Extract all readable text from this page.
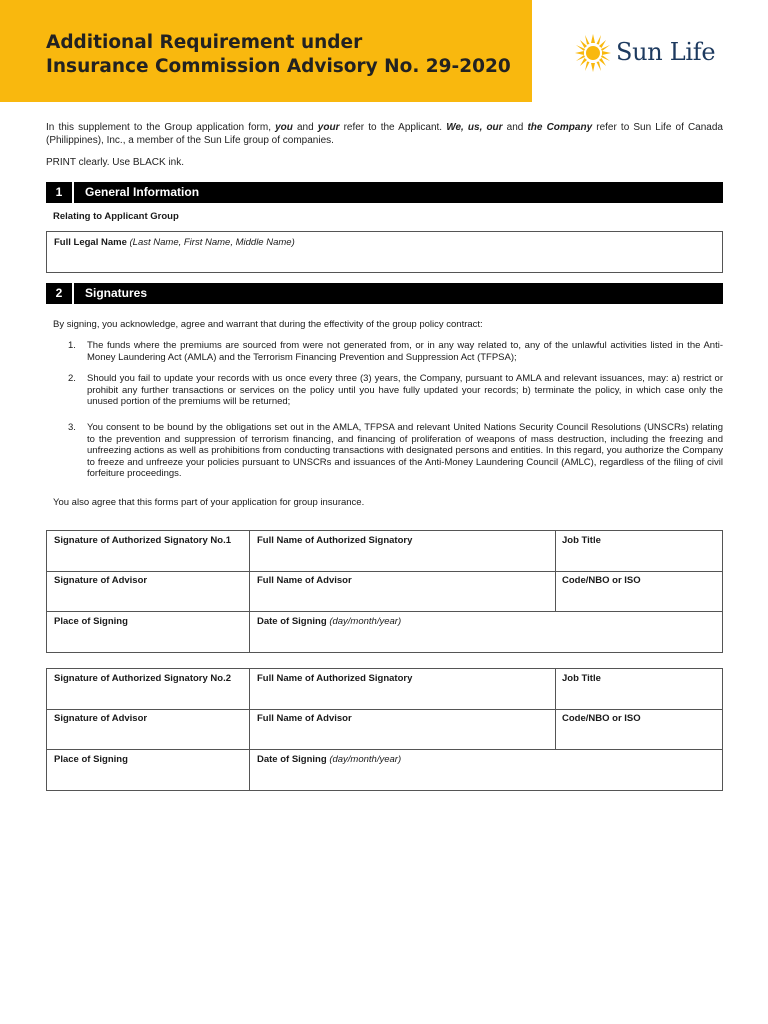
Additional Requirement under
Insurance Commission Advisory No. 29-2020
Sun Life

In this supplement to the Group application form, you and your refer to the Applicant. We, us, our and the Company refer to Sun Life of Canada (Philippines), Inc., a member of the Sun Life group of companies.

PRINT clearly. Use BLACK ink.
1	General Information
Relating to Applicant Group
Full Legal Name (Last Name, First Name, Middle Name)
2	Signatures
By signing, you acknowledge, agree and warrant that during the effectivity of the group policy contract:
1.	The funds where the premiums are sourced from were not generated from, or in any way related to, any of the unlawful activities listed in the Anti-Money Laundering Act (AMLA) and the Terrorism Financing Prevention and Suppression Act (TFPSA);
2.	Should you fail to update your records with us once every three (3) years, the Company, pursuant to AMLA and relevant issuances, may: a) restrict or prohibit any further transactions or services on the policy until you have fully updated your records; b) terminate the policy, in which case only the unused portion of the premiums will be returned;
3.	You consent to be bound by the obligations set out in the AMLA, TFPSA and relevant United Nations Security Council Resolutions (UNSCRs) relating to the prevention and suppression of terrorism financing, and financing of proliferation of weapons of mass destruction, including the freezing and unfreezing actions as well as prohibitions from conducting transactions with designated persons and entities. In this regard, you authorize the Company to freeze and unfreeze your policies pursuant to UNSCRs and issuances of the Anti-Money Laundering Council (AMLC), regardless of the filing of civil forfeiture proceedings.
You also agree that this forms part of your application for group insurance.
Signature of Authorized Signatory No.1	Full Name of Authorized Signatory	Job Title
Signature of Advisor	Full Name of Advisor	Code/NBO or ISO
Place of Signing	Date of Signing (day/month/year)
Signature of Authorized Signatory No.2	Full Name of Authorized Signatory	Job Title
Signature of Advisor	Full Name of Advisor	Code/NBO or ISO
Place of Signing	Date of Signing (day/month/year)
